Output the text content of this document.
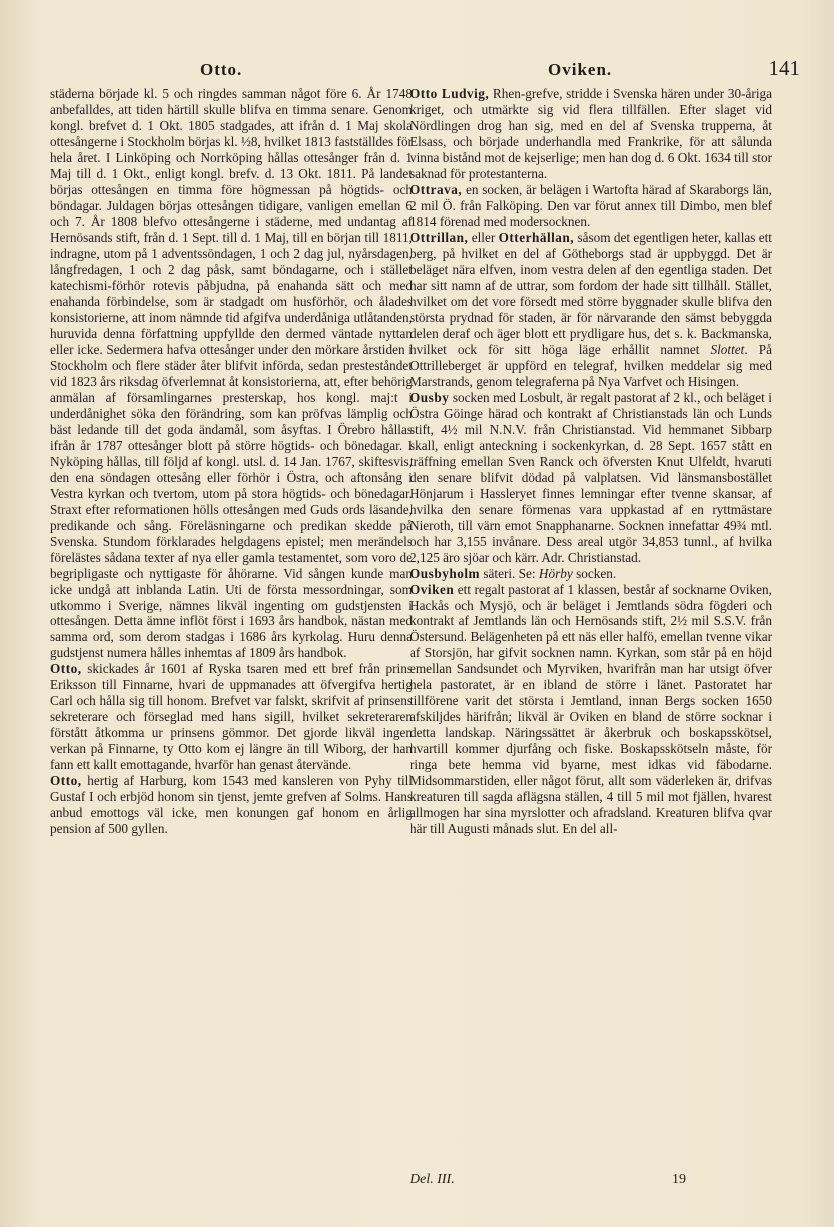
Otto.	Oviken.	141

städerna började kl. 5 och ringdes samman något före 6. År 1748 anbefalldes, att tiden härtill skulle blifva en timma senare. Genom kongl. brefvet d. 1 Okt. 1805 stadgades, att ifrån d. 1 Maj skola ottesångerne i Stockholm börjas kl. ½8, hvilket 1813 fastställdes för hela året. I Linköping och Norrköping hållas ottesånger från d. 1 Maj till d. 1 Okt., enligt kongl. brefv. d. 13 Okt. 1811. På landet börjas ottesången en timma före högmessan på högtids- och böndagar. Juldagen börjas ottesången tidigare, vanligen emellan 6 och 7. År 1808 blefvo ottesångerne i städerne, med undantag af Hernösands stift, från d. 1 Sept. till d. 1 Maj, till en början till 1811, indragne, utom på 1 adventssöndagen, 1 och 2 dag jul, nyårsdagen, långfredagen, 1 och 2 dag påsk, samt böndagarne, och i stället katechismi-förhör rotevis påbjudna, på enahanda sätt och med enahanda förbindelse, som är stadgadt om husförhör, och ålades konsistorierne, att inom nämnde tid afgifva underdåniga utlåtanden, huruvida denna författning uppfyllde den dermed väntade nyttan eller icke. Sedermera hafva ottesånger under den mörkare årstiden i Stockholm och flere städer åter blifvit införda, sedan presteståndet vid 1823 års riksdag öfverlemnat åt konsistorierna, att, efter behörig anmälan af församlingarnes presterskap, hos kongl. maj:t i underdånighet söka den förändring, som kan pröfvas lämplig och bäst ledande till det goda ändamål, som åsyftas. I Örebro hållas ifrån år 1787 ottesånger blott på större högtids- och bönedagar. I Nyköping hållas, till följd af kongl. utsl. d. 14 Jan. 1767, skiftesvis, den ena söndagen ottesång eller förhör i Östra, och aftonsång i Vestra kyrkan och tvertom, utom på stora högtids- och bönedagar. Straxt efter reformationen hölls ottesången med Guds ords läsande, predikande och sång. Föreläsningarne och predikan skedde på Svenska. Stundom förklarades helgdagens epistel; men merändels förelästes sådana texter af nya eller gamla testamentet, som voro de begripligaste och nyttigaste för åhörarne. Vid sången kunde man icke undgå att inblanda Latin. Uti de första messordningar, som utkommo i Sverige, nämnes likväl ingenting om gudstjensten i ottesången. Detta ämne inflöt först i 1693 års handbok, nästan med samma ord, som derom stadgas i 1686 års kyrkolag. Huru denna gudstjenst numera hålles inhemtas af 1809 års handbok.

Otto, skickades år 1601 af Ryska tsaren med ett bref från prins Eriksson till Finnarne, hvari de uppmanades att öfvergifva hertig Carl och hålla sig till honom. Brefvet var falskt, skrifvit af prinsens sekreterare och förseglad med hans sigill, hvilket sekreteraren förstått åtkomma ur prinsens gömmor. Det gjorde likväl ingen verkan på Finnarne, ty Otto kom ej längre än till Wiborg, der han fann ett kallt emottagande, hvarför han genast återvände.

Otto, hertig af Harburg, kom 1543 med kansleren von Pyhy till Gustaf I och erbjöd honom sin tjenst, jemte grefven af Solms. Hans anbud emottogs väl icke, men konungen gaf honom en årlig pension af 500 gyllen.

Otto Ludvig, Rhen-grefve, stridde i Svenska hären under 30-åriga kriget, och utmärkte sig vid flera tillfällen. Efter slaget vid Nördlingen drog han sig, med en del af Svenska trupperna, åt Elsass, och började underhandla med Frankrike, för att sålunda vinna bistånd mot de kejserlige; men han dog d. 6 Okt. 1634 till stor saknad för protestanterna.

Ottrava, en socken, är belägen i Wartofta härad af Skaraborgs län, 2 mil Ö. från Falköping. Den var förut annex till Dimbo, men blef 1814 förenad med modersocknen.

Ottrillan, eller Otterhällan, såsom det egentligen heter, kallas ett berg, på hvilket en del af Götheborgs stad är uppbyggd. Det är beläget nära elfven, inom vestra delen af den egentliga staden. Det har sitt namn af de uttrar, som fordom der hade sitt tillhåll. Stället, hvilket om det vore försedt med större byggnader skulle blifva den största prydnad för staden, är för närvarande den sämst bebyggda delen deraf och äger blott ett prydligare hus, det s. k. Backmanska, hvilket ock för sitt höga läge erhållit namnet Slottet. På Ottrilleberget är uppförd en telegraf, hvilken meddelar sig med Marstrands, genom telegraferna på Nya Varfvet och Hisingen.

Ousby socken med Losbult, är regalt pastorat af 2 kl., och beläget i Östra Göinge härad och kontrakt af Christianstads län och Lunds stift, 4½ mil N.N.V. från Christianstad. Vid hemmanet Sibbarp skall, enligt anteckning i sockenkyrkan, d. 28 Sept. 1657 stått en träffning emellan Sven Ranck och öfversten Knut Ulfeldt, hvaruti den senare blifvit dödad på valplatsen. Vid länsmansbostället Hönjarum i Hassleryet finnes lemningar efter tvenne skansar, af hvilka den senare förmenas vara uppkastad af en ryttmästare Nieroth, till värn emot Snapphanarne. Socknen innefattar 49¾ mtl. och har 3,155 invånare. Dess areal utgör 34,853 tunnl., af hvilka 2,125 äro sjöar och kärr. Adr. Christianstad.

Ousbyholm säteri. Se: Hörby socken.

Oviken ett regalt pastorat af 1 klassen, består af socknarne Oviken, Hackås och Mysjö, och är beläget i Jemtlands södra fögderi och kontrakt af Jemtlands län och Hernösands stift, 2½ mil S.S.V. från Östersund. Belägenheten på ett näs eller halfö, emellan tvenne vikar af Storsjön, har gifvit socknen namn. Kyrkan, som står på en höjd emellan Sandsundet och Myrviken, hvarifrån man har utsigt öfver hela pastoratet, är en ibland de större i länet. Pastoratet har tillförene varit det största i Jemtland, innan Bergs socken 1650 afskiljdes härifrån; likväl är Oviken en bland de större socknar i detta landskap. Näringssättet är åkerbruk och boskapsskötsel, hvartill kommer djurfång och fiske. Boskapsskötseln måste, för ringa bete hemma vid byarne, mest idkas vid fäbodarne. Midsommarstiden, eller något förut, allt som väderleken är, drifvas kreaturen till sagda aflägsna ställen, 4 till 5 mil mot fjällen, hvarest allmogen har sina myrslotter och afradsland. Kreaturen blifva qvar här till Augusti månads slut. En del all-

Del. III.	19
